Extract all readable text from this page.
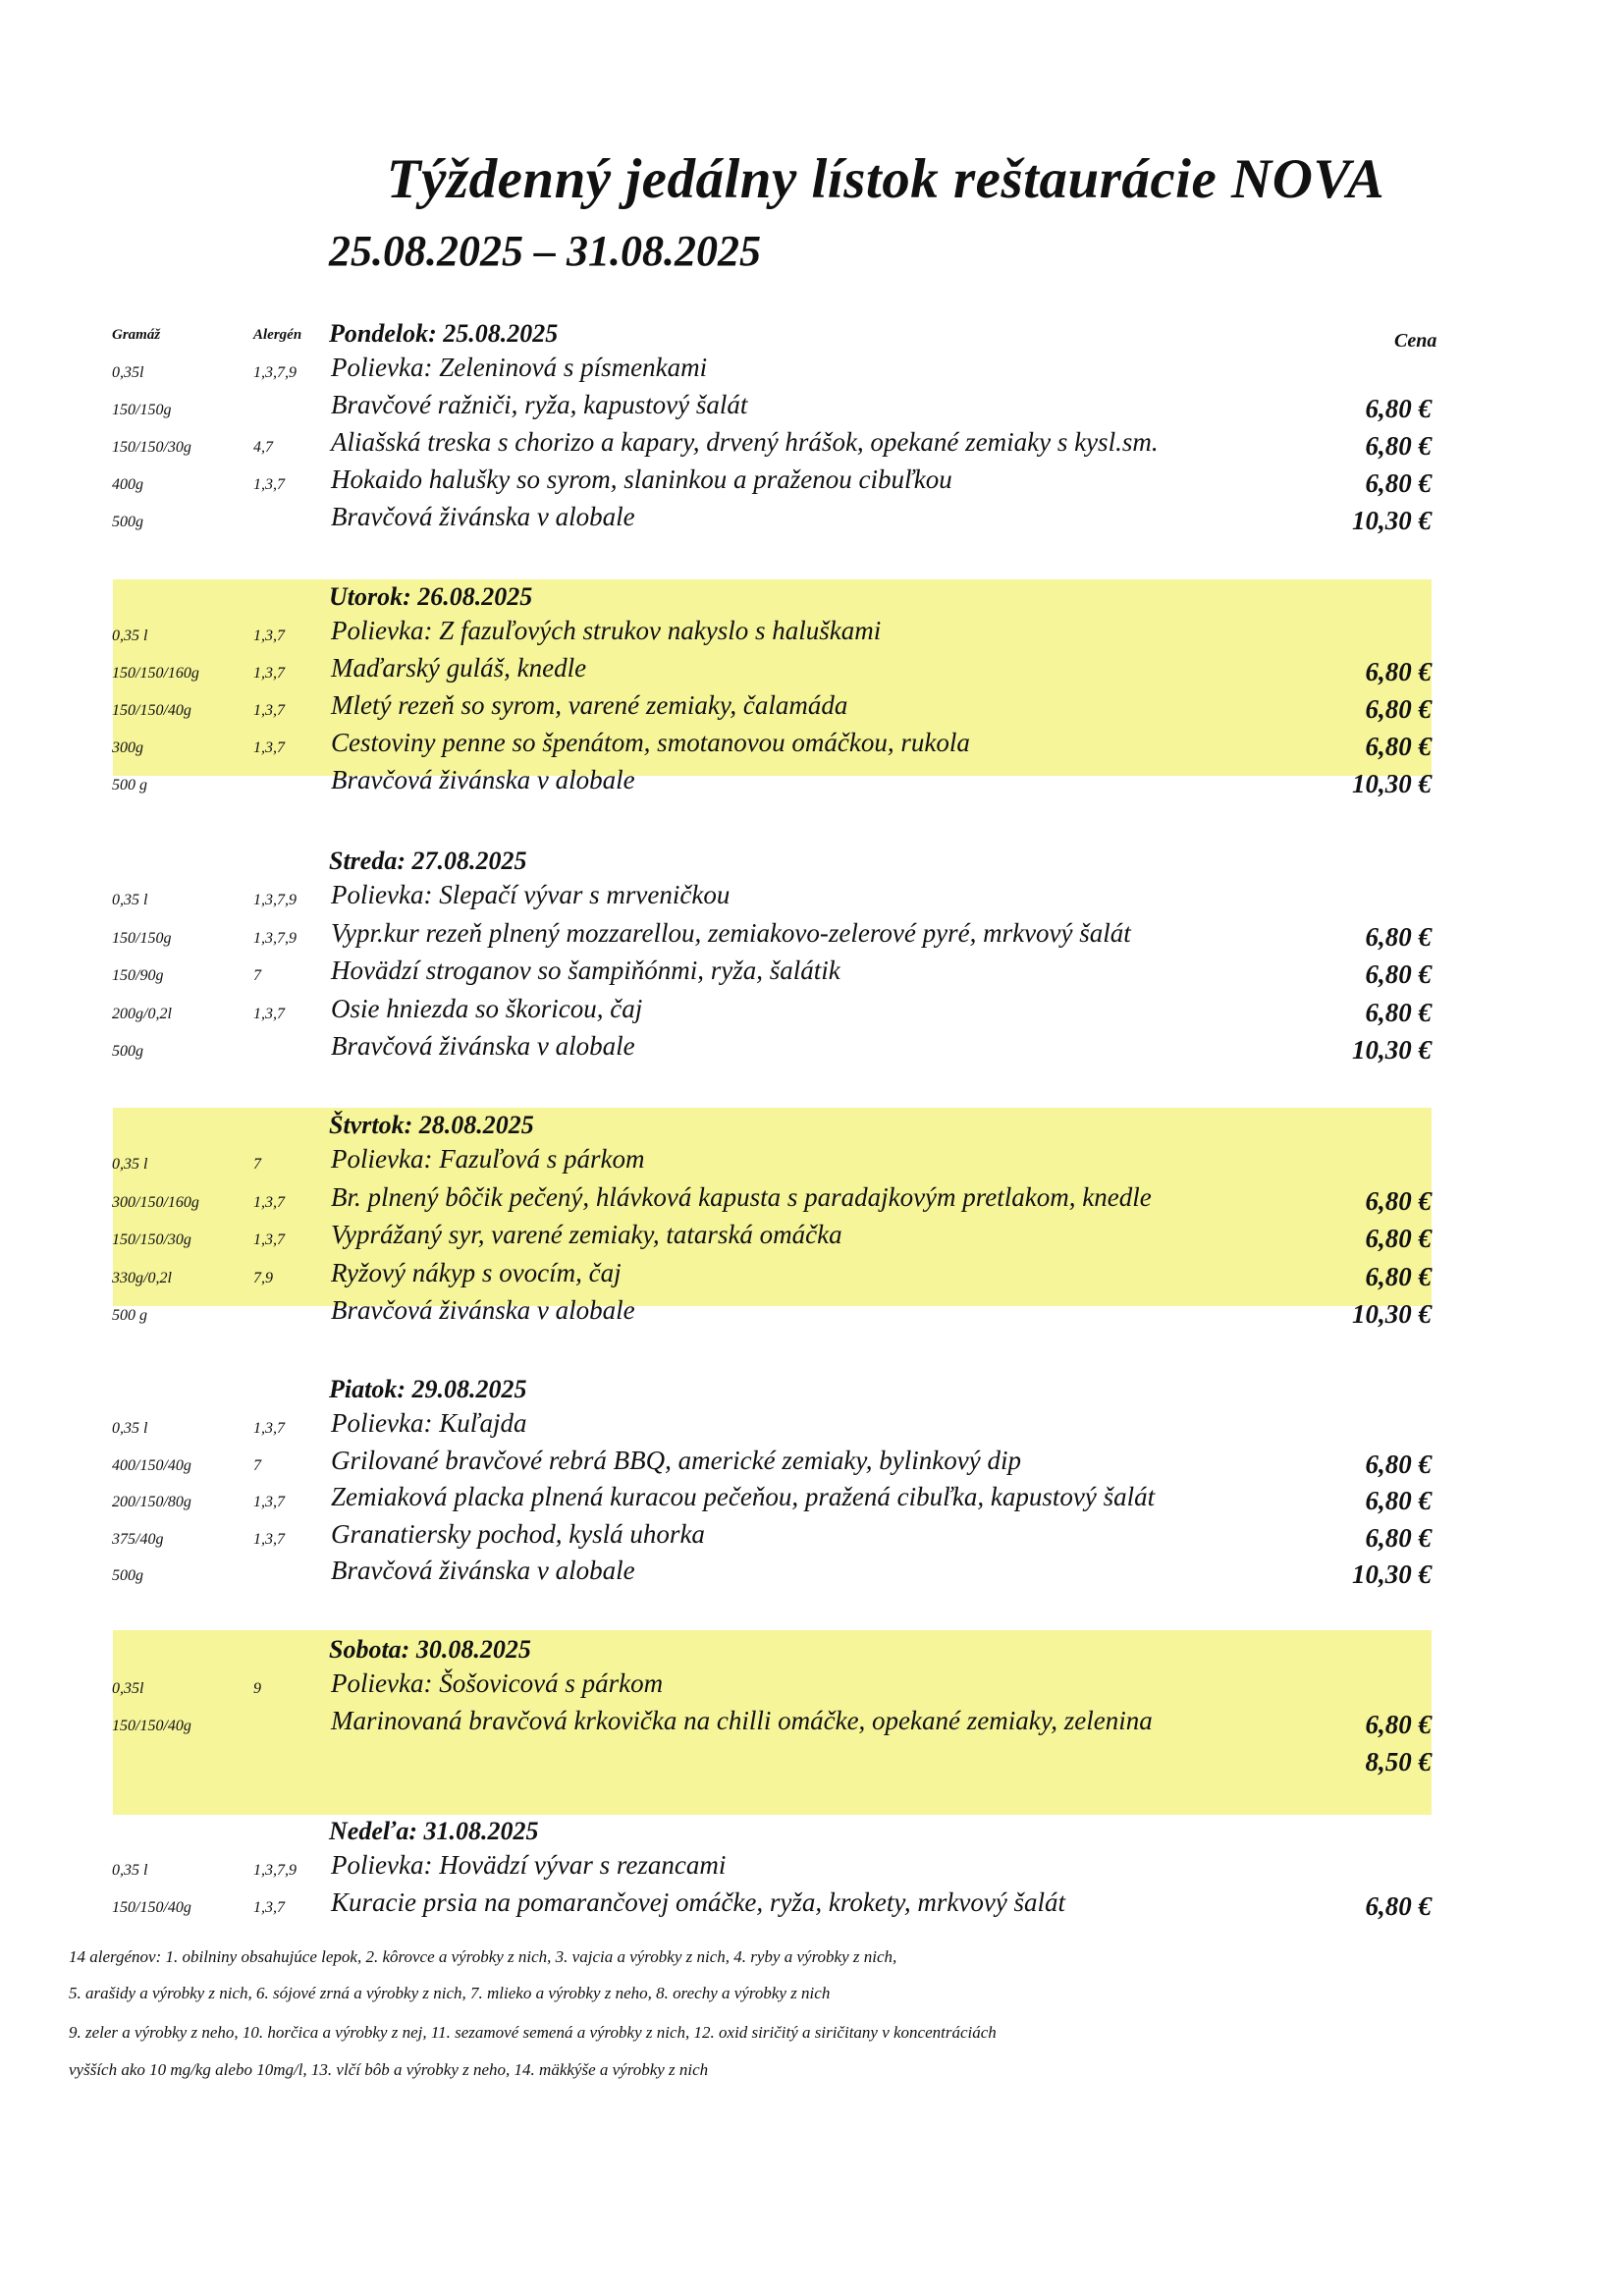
Týždenný jedálny lístok reštaurácie NOVA
25.08.2025 – 31.08.2025
Gramáž	Alergén	Cena
Pondelok: 25.08.2025
0,35l	1,3,7,9 Polievka: Zeleninová s písmenkami
150/150g	Bravčové ražniči, ryža, kapustový šalát	6,80 €
150/150/30g	4,7 Aliašská treska s chorizo a kapary, drvený hrášok, opekané zemiaky s kysl.sm.	6,80 €
400g	1,3,7 Hokaido halušky so syrom, slaninkou a praženou cibuľkou	6,80 €
500g	Bravčová živánska v alobale	10,30 €
Utorok: 26.08.2025
0,35 l	1,3,7 Polievka: Z fazuľových strukov nakyslo s haluškami
150/150/160g	1,3,7 Maďarský guláš, knedle	6,80 €
150/150/40g	1,3,7 Mletý rezeň so syrom, varené zemiaky, čalamáda	6,80 €
300g	1,3,7 Cestoviny penne so špenátom, smotanovou omáčkou, rukola	6,80 €
500 g	Bravčová živánska v alobale	10,30 €
Streda: 27.08.2025
0,35 l	1,3,7,9 Polievka: Slepačí vývar s mrveničkou
150/150g	1,3,7,9 Vypr.kur rezeň plnený mozzarellou, zemiakovo-zelerové pyré, mrkvový šalát	6,80 €
150/90g	7	Hovädzí stroganov so šampiňónmi, ryža, šalátik	6,80 €
200g/0,2l	1,3,7 Osie hniezda so škoricou, čaj	6,80 €
500g	Bravčová živánska v alobale	10,30 €
Štvrtok: 28.08.2025
0,35 l	7	Polievka: Fazuľová s párkom
300/150/160g	1,3,7 Br. plnený bôčik pečený, hlávková kapusta s paradajkovým pretlakom, knedle	6,80 €
150/150/30g	1,3,7 Vyprážaný syr, varené zemiaky, tatarská omáčka	6,80 €
330g/0,2l	7,9 Ryžový nákyp s ovocím, čaj	6,80 €
500 g	Bravčová živánska v alobale	10,30 €
Piatok: 29.08.2025
0,35 l	1,3,7 Polievka: Kuľajda
400/150/40g	7	Grilované bravčové rebrá BBQ, americké zemiaky, bylinkový dip	6,80 €
200/150/80g	1,3,7 Zemiaková placka plnená kuracou pečeňou, pražená cibuľka, kapustový šalát	6,80 €
375/40g	1,3,7 Granatiersky pochod, kyslá uhorka	6,80 €
500g	Bravčová živánska v alobale	10,30 €
Sobota: 30.08.2025
0,35l	9	Polievka: Šošovicová s párkom
150/150/40g	Marinovaná bravčová krkovička na chilli omáčke, opekané zemiaky, zelenina	6,80 €
8,50 €
Nedeľa: 31.08.2025
0,35 l	1,3,7,9 Polievka: Hovädzí vývar s rezancami
150/150/40g	1,3,7 Kuracie prsia na pomarančovej omáčke, ryža, krokety, mrkvový šalát	6,80 €
14 alergénov: 1. obilniny obsahujúce lepok, 2. kôrovce a výrobky z nich, 3. vajcia a výrobky z nich, 4. ryby a výrobky z nich,
5. arašidy a výrobky z nich, 6. sójové zrná a výrobky z nich, 7. mlieko a výrobky z neho, 8. orechy a výrobky z nich
9. zeler a výrobky z neho, 10. horčica a výrobky z nej, 11. sezamové semená a výrobky z nich, 12. oxid siričitý a siričitany v koncentráciách
vyšších ako 10 mg/kg alebo 10mg/l, 13. vlčí bôb a výrobky z neho, 14. mäkkýše a výrobky z nich
